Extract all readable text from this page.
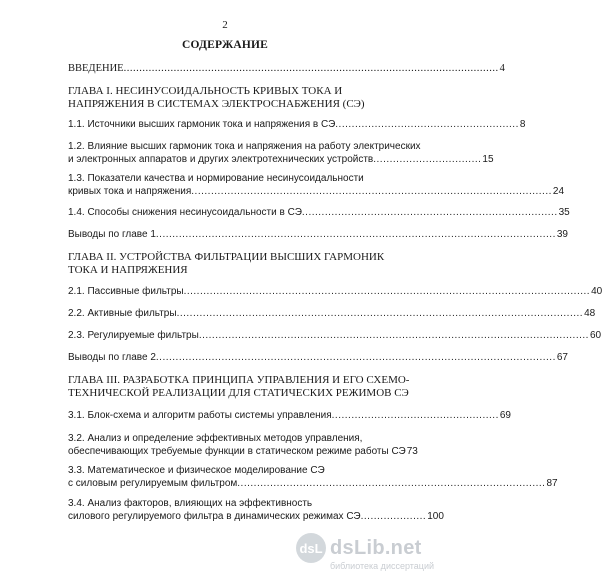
2
СОДЕРЖАНИЕ
ВВЕДЕНИЕ ........................................................................................................................ 4
ГЛАВА I. НЕСИНУСОИДАЛЬНОСТЬ КРИВЫХ ТОКА И
НАПРЯЖЕНИЯ В СИСТЕМАХ ЭЛЕКТРОСНАБЖЕНИЯ (СЭ)
1.1. Источники высших гармоник тока и напряжения в СЭ ........................................................ 8
1.2. Влияние высших гармоник тока и напряжения на работу электрических
и электронных аппаратов и других электротехнических устройств ................................. 15
1.3. Показатели качества и нормирование несинусоидальности
кривых тока и напряжения .............................................................................................................. 24
1.4. Способы снижения несинусоидальности в СЭ .............................................................................. 35
Выводы по главе 1 .......................................................................................................................... 39
ГЛАВА II. УСТРОЙСТВА ФИЛЬТРАЦИИ ВЫСШИХ ГАРМОНИК
ТОКА И НАПРЯЖЕНИЯ
2.1. Пассивные фильтры ............................................................................................................................ 40
2.2. Активные фильтры ............................................................................................................................ 48
2.3. Регулируемые фильтры ....................................................................................................................... 60
Выводы по главе 2 .......................................................................................................................... 67
ГЛАВА III. РАЗРАБОТКА ПРИНЦИПА УПРАВЛЕНИЯ И ЕГО СХЕМО-
ТЕХНИЧЕСКОЙ РЕАЛИЗАЦИИ ДЛЯ СТАТИЧЕСКИХ РЕЖИМОВ СЭ
3.1. Блок-схема и алгоритм работы системы управления ................................................... 69
3.2. Анализ и определение эффективных методов управления,
обеспечивающих требуемые функции в статическом режиме работы СЭ 73
3.3. Математическое и физическое моделирование СЭ
с силовым регулируемым фильтром .............................................................................................. 87
3.4. Анализ факторов, влияющих на эффективность
силового регулируемого фильтра в динамических режимах СЭ .................... 100
dsL dsLib.net
библиотека диссертаций
